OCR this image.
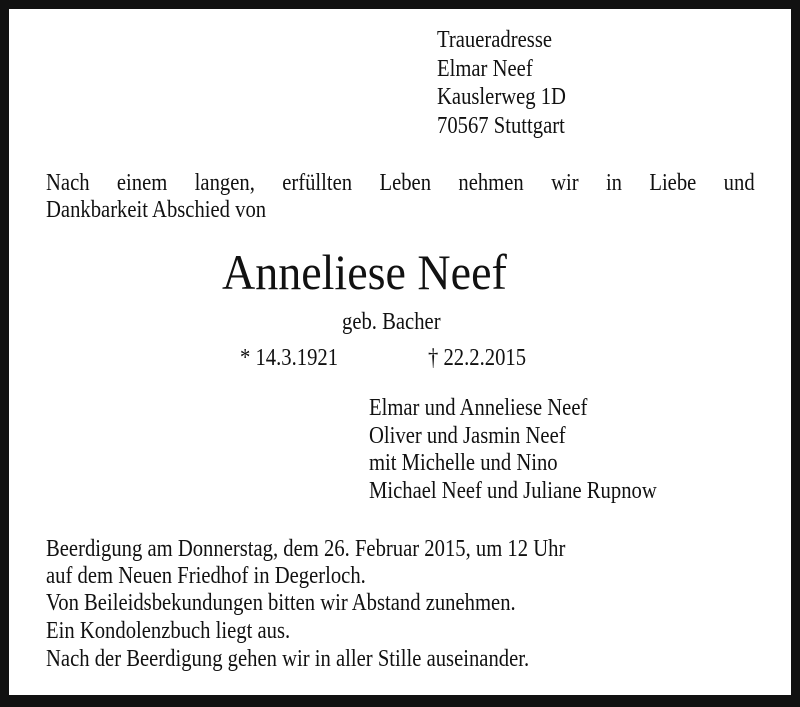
Traueradresse
Elmar Neef
Kauslerweg 1D
70567 Stuttgart
Nach einem langen, erfüllten Leben nehmen wir in Liebe und
Dankbarkeit Abschied von
Anneliese Neef
geb. Bacher
* 14.3.1921	† 22.2.2015
Elmar und Anneliese Neef
Oliver und Jasmin Neef
mit Michelle und Nino
Michael Neef und Juliane Rupnow
Beerdigung am Donnerstag, dem 26. Februar 2015, um 12 Uhr
auf dem Neuen Friedhof in Degerloch.
Von Beileidsbekundungen bitten wir Abstand zunehmen.
Ein Kondolenzbuch liegt aus.
Nach der Beerdigung gehen wir in aller Stille auseinander.
